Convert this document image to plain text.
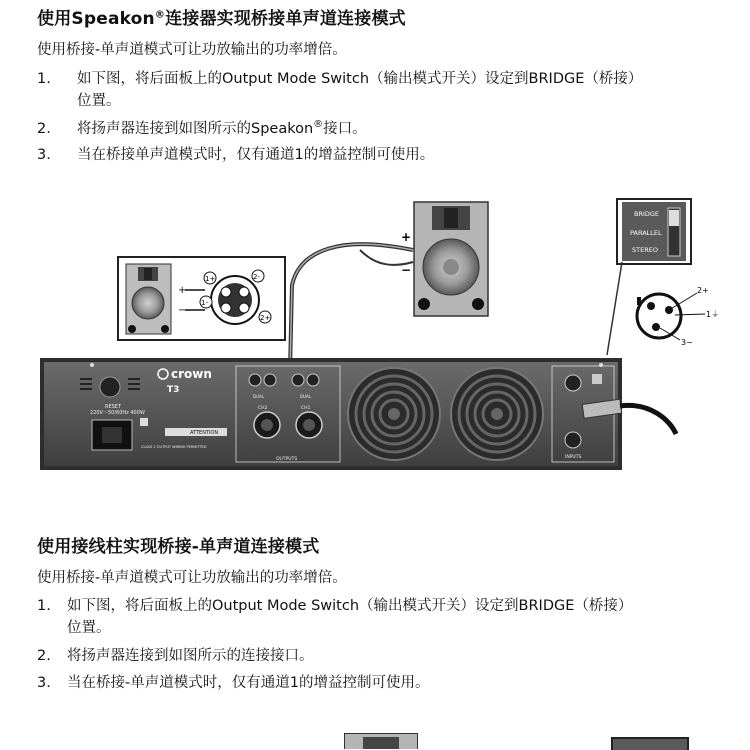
使用Speakon®连接器实现桥接单声道连接模式
使用桥接-单声道模式可让功放输出的功率增倍。
1.	如下图，将后面板上的Output Mode Switch（输出模式开关）设定到BRIDGE（桥接）
位置。
2.	将扬声器连接到如图所示的Speakon®接口。
3.	当在桥接单声道模式时，仅有通道1的增益控制可使用。
+
−
1+	2-
1-
2+
+
−
BRIDGE
PARALLEL
STEREO
2+
1⏚
3−
RESET
220V～50/60Hz 400W
crown
T3
ATTENTION
CLASS 2 OUTPUT WIRING PERMITTED
DUAL	DUAL
CH2	CH1
OUTPUTS	INPUTS
使用接线柱实现桥接-单声道连接模式
使用桥接-单声道模式可让功放输出的功率增倍。
1.	如下图，将后面板上的Output Mode Switch（输出模式开关）设定到BRIDGE（桥接）
位置。
2.	将扬声器连接到如图所示的连接接口。
3.	当在桥接-单声道模式时，仅有通道1的增益控制可使用。
